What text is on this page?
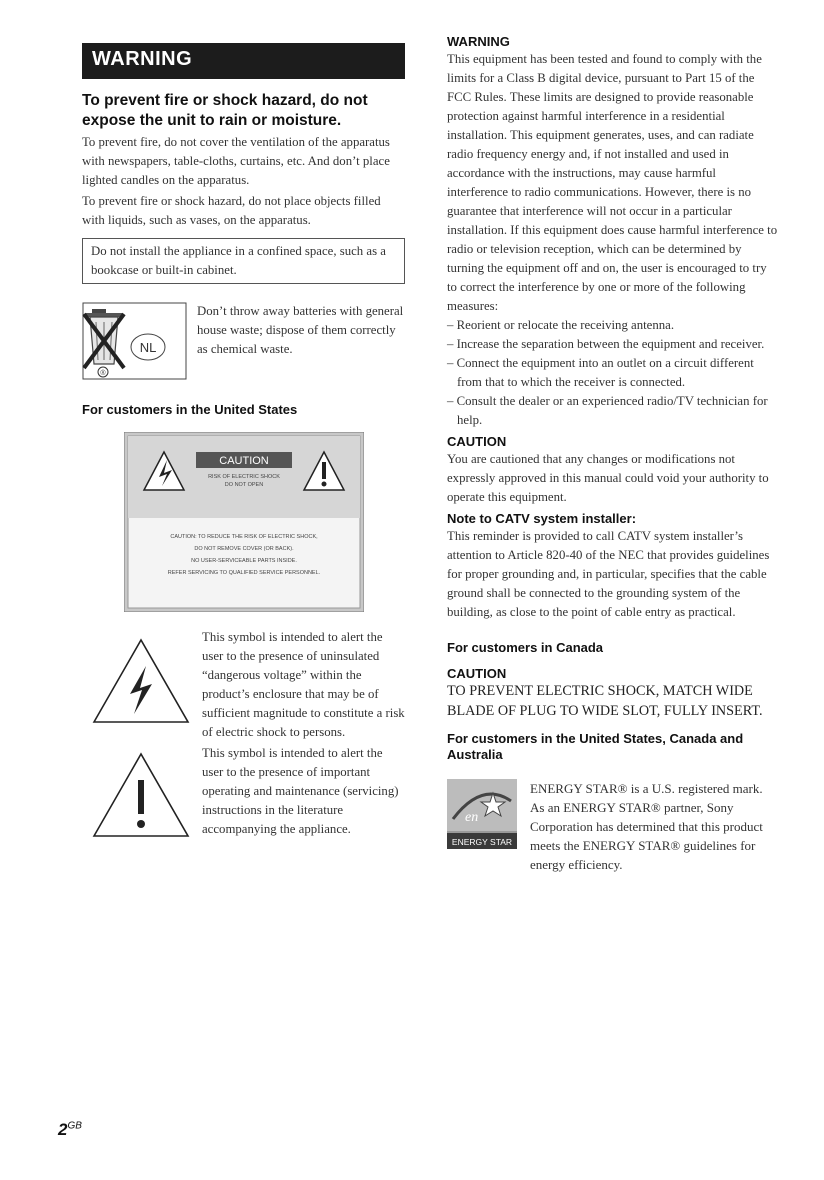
WARNING
To prevent fire or shock hazard, do not expose the unit to rain or moisture.

To prevent fire, do not cover the ventilation of the apparatus with newspapers, table-cloths, curtains, etc. And don’t place lighted candles on the apparatus.

To prevent fire or shock hazard, do not place objects filled with liquids, such as vases, on the apparatus.

Do not install the appliance in a confined space, such as a bookcase or built-in cabinet.

®
NL

Don’t throw away batteries with general house waste; dispose of them correctly as chemical waste.

For customers in the United States
CAUTION
RISK OF ELECTRIC SHOCK
DO NOT OPEN
CAUTION: TO REDUCE THE RISK OF ELECTRIC SHOCK,
DO NOT REMOVE COVER (OR BACK).
NO USER-SERVICEABLE PARTS INSIDE.
REFER SERVICING TO QUALIFIED SERVICE PERSONNEL.

This symbol is intended to alert the user to the presence of uninsulated “dangerous voltage” within the product’s enclosure that may be of sufficient magnitude to constitute a risk of electric shock to persons.

This symbol is intended to alert the user to the presence of important operating and maintenance (servicing) instructions in the literature accompanying the appliance.

WARNING

This equipment has been tested and found to comply with the limits for a Class B digital device, pursuant to Part 15 of the FCC Rules. These limits are designed to provide reasonable protection against harmful interference in a residential installation. This equipment generates, uses, and can radiate radio frequency energy and, if not installed and used in accordance with the instructions, may cause harmful interference to radio communications. However, there is no guarantee that interference will not occur in a particular installation. If this equipment does cause harmful interference to radio or television reception, which can be determined by turning the equipment off and on, the user is encouraged to try to correct the interference by one or more of the following measures:

– Reorient or relocate the receiving antenna.

– Increase the separation between the equipment and receiver.

– Connect the equipment into an outlet on a circuit different from that to which the receiver is connected.

– Consult the dealer or an experienced radio/TV technician for help.

CAUTION

You are cautioned that any changes or modifications not expressly approved in this manual could void your authority to operate this equipment.

Note to CATV system installer:

This reminder is provided to call CATV system installer’s attention to Article 820-40 of the NEC that provides guidelines for proper grounding and, in particular, specifies that the cable ground shall be connected to the grounding system of the building, as close to the point of cable entry as practical.

For customers in Canada
CAUTION

TO PREVENT ELECTRIC SHOCK, MATCH WIDE BLADE OF PLUG TO WIDE SLOT, FULLY INSERT.

For customers in the United States, Canada and Australia
en
ENERGY STAR

ENERGY STAR® is a U.S. registered mark. As an ENERGY STAR® partner, Sony Corporation has determined that this product meets the ENERGY STAR® guidelines for energy efficiency.

$2^{GB}$
